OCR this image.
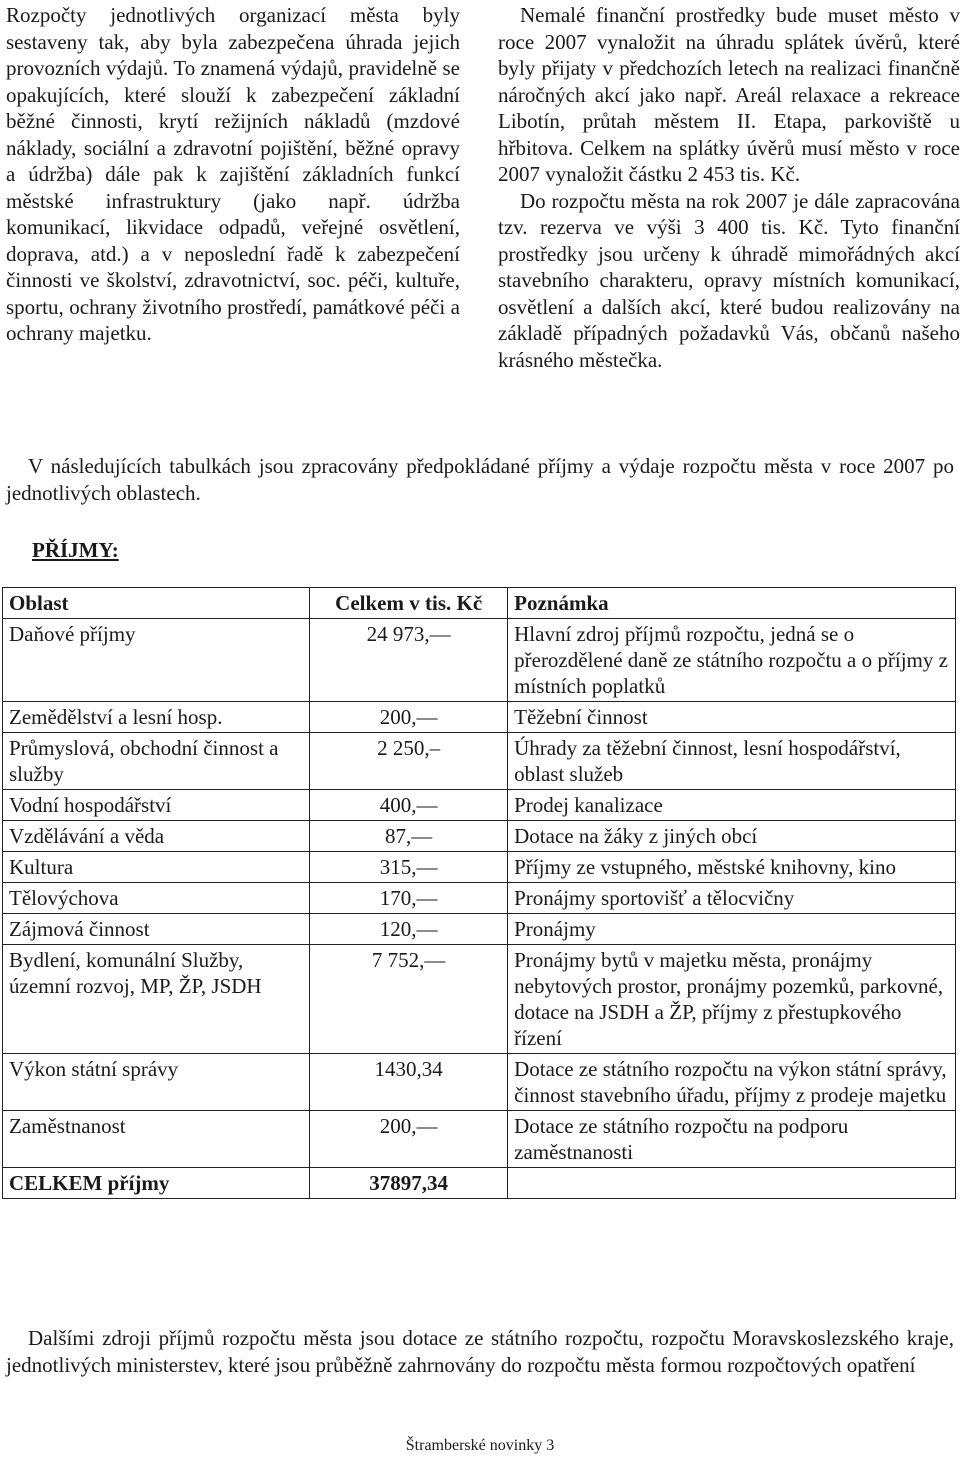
Rozpočty jednotlivých organizací města byly sestaveny tak, aby byla zabezpečena úhrada jejich provozních výdajů. To znamená výdajů, pravidelně se opakujících, které slouží k zabezpečení základní běžné činnosti, krytí režijních nákladů (mzdové náklady, sociální a zdravotní pojištění, běžné opravy a údržba) dále pak k zajištění základních funkcí městské infrastruktury (jako např. údržba komunikací, likvidace odpadů, veřejné osvětlení, doprava, atd.) a v neposlední řadě k zabezpečení činnosti ve školství, zdravotnictví, soc. péči, kultuře, sportu, ochrany životního prostředí, památkové péči a ochrany majetku.

Nemalé finanční prostředky bude muset město v roce 2007 vynaložit na úhradu splátek úvěrů, které byly přijaty v předchozích letech na realizaci finančně náročných akcí jako např. Areál relaxace a rekreace Libotín, průtah městem II. Etapa, parkoviště u hřbitova. Celkem na splátky úvěrů musí město v roce 2007 vynaložit částku 2 453 tis. Kč.

Do rozpočtu města na rok 2007 je dále zapracována tzv. rezerva ve výši 3 400 tis. Kč. Tyto finanční prostředky jsou určeny k úhradě mimořádných akcí stavebního charakteru, opravy místních komunikací, osvětlení a dalších akcí, které budou realizovány na základě případných požadavků Vás, občanů našeho krásného městečka.

V následujících tabulkách jsou zpracovány předpokládané příjmy a výdaje rozpočtu města v roce 2007 po jednotlivých oblastech.
PŘÍJMY:
Oblast	Celkem v tis. Kč	Poznámka
Daňové příjmy	24 973,—	Hlavní zdroj příjmů rozpočtu, jedná se o přerozdělené daně ze státního rozpočtu a o příjmy z místních poplatků
Zemědělství a lesní hosp.	200,—	Těžební činnost
Průmyslová, obchodní činnost a služby	2 250,–	Úhrady za těžební činnost, lesní hospodářství, oblast služeb
Vodní hospodářství	400,—	Prodej kanalizace
Vzdělávání a věda	87,—	Dotace na žáky z jiných obcí
Kultura	315,—	Příjmy ze vstupného, městské knihovny, kino
Tělovýchova	170,—	Pronájmy sportovišť a tělocvičny
Zájmová činnost	120,—	Pronájmy
Bydlení, komunální Služby, územní rozvoj, MP, ŽP, JSDH	7 752,—	Pronájmy bytů v majetku města, pronájmy nebytových prostor, pronájmy pozemků, parkovné, dotace na JSDH a ŽP, příjmy z přestupkového řízení
Výkon státní správy	1430,34	Dotace ze státního rozpočtu na výkon státní správy, činnost stavebního úřadu, příjmy z prodeje majetku
Zaměstnanost	200,—	Dotace ze státního rozpočtu na podporu zaměstnanosti
CELKEM příjmy	37897,34	
Dalšími zdroji příjmů rozpočtu města jsou dotace ze státního rozpočtu, rozpočtu Moravskoslezského kraje, jednotlivých ministerstev, které jsou průběžně zahrnovány do rozpočtu města formou rozpočtových opatření
Štramberské novinky 3
